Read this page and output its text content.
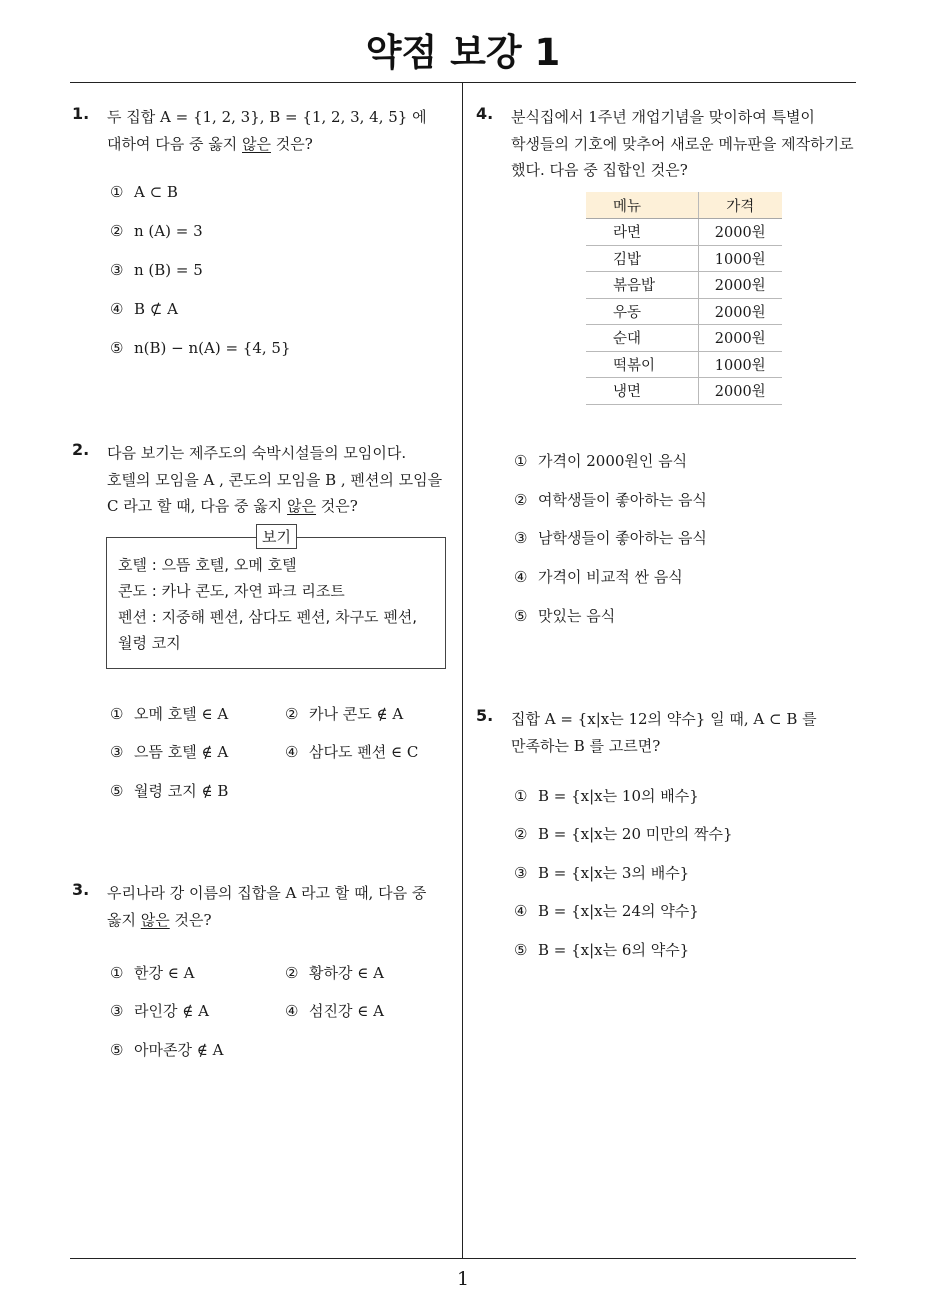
약점 보강 1
1. 두 집합 A = {1, 2, 3}, B = {1, 2, 3, 4, 5} 에
대하여 다음 중 옳지 않은 것은?
① A ⊂ B
② n (A) = 3
③ n (B) = 5
④ B ⊄ A
⑤ n(B) − n(A) = {4, 5}
2. 다음 보기는 제주도의 숙박시설들의 모임이다.
호텔의 모임을 A , 콘도의 모임을 B , 펜션의 모임을
C 라고 할 때, 다음 중 옳지 않은 것은?
보기
호텔 : 으뜸 호텔, 오메 호텔
콘도 : 카나 콘도, 자연 파크 리조트
펜션 : 지중해 펜션, 삼다도 펜션, 차구도 펜션,
월령 코지
① 오메 호텔 ∈ A	② 카나 콘도 ∉ A
③ 으뜸 호텔 ∉ A	④ 삼다도 펜션 ∈ C
⑤ 월령 코지 ∉ B
3. 우리나라 강 이름의 집합을 A 라고 할 때, 다음 중
옳지 않은 것은?
① 한강 ∈ A	② 황하강 ∈ A
③ 라인강 ∉ A	④ 섬진강 ∈ A
⑤ 아마존강 ∉ A
4. 분식집에서 1주년 개업기념을 맞이하여 특별이
학생들의 기호에 맞추어 새로운 메뉴판을 제작하기로
했다. 다음 중 집합인 것은?
메뉴	가격
라면	2000원
김밥	1000원
볶음밥	2000원
우동	2000원
순대	2000원
떡볶이	1000원
냉면	2000원
① 가격이 2000원인 음식
② 여학생들이 좋아하는 음식
③ 남학생들이 좋아하는 음식
④ 가격이 비교적 싼 음식
⑤ 맛있는 음식
5. 집합 A = {x|x는 12의 약수} 일 때, A ⊂ B 를
만족하는 B 를 고르면?
① B = {x|x는 10의 배수}
② B = {x|x는 20 미만의 짝수}
③ B = {x|x는 3의 배수}
④ B = {x|x는 24의 약수}
⑤ B = {x|x는 6의 약수}
1
